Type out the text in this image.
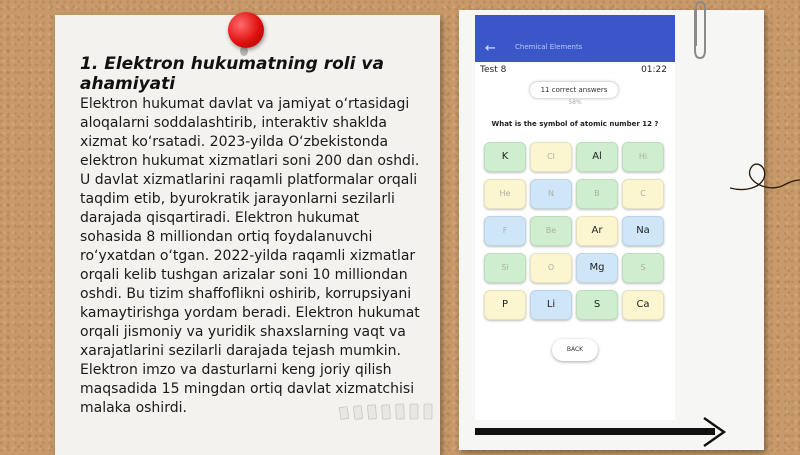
1. Elektron hukumatning roli va ahamiyati

Elektron hukumat davlat va jamiyat o‘rtasidagi aloqalarni soddalashtirib, interaktiv shaklda xizmat ko‘rsatadi. 2023-yilda O‘zbekistonda elektron hukumat xizmatlari soni 200 dan oshdi. U davlat xizmatlarini raqamli platformalar orqali taqdim etib, byurokratik jarayonlarni sezilarli darajada qisqartiradi. Elektron hukumat sohasida 8 milliondan ortiq foydalanuvchi ro‘yxatdan o‘tgan. 2022-yilda raqamli xizmatlar orqali kelib tushgan arizalar soni 10 milliondan oshdi. Bu tizim shaffoflikni oshirib, korrupsiyani kamaytirishga yordam beradi. Elektron hukumat orqali jismoniy va yuridik shaxslarning vaqt va xarajatlarini sezilarli darajada tejash mumkin. Elektron imzo va dasturlarni keng joriy qilish maqsadida 15 mingdan ortiq davlat xizmatchisi malaka oshirdi.

←	Chemical Elements
Test 8	01:22
11 correct answers
58%
What is the symbol of atomic number 12 ?
K	Cl	Al	Hi
He	N	B	C
F	Be	Ar	Na
Si	O	Mg	S
P	Li	S	Ca
BACK
